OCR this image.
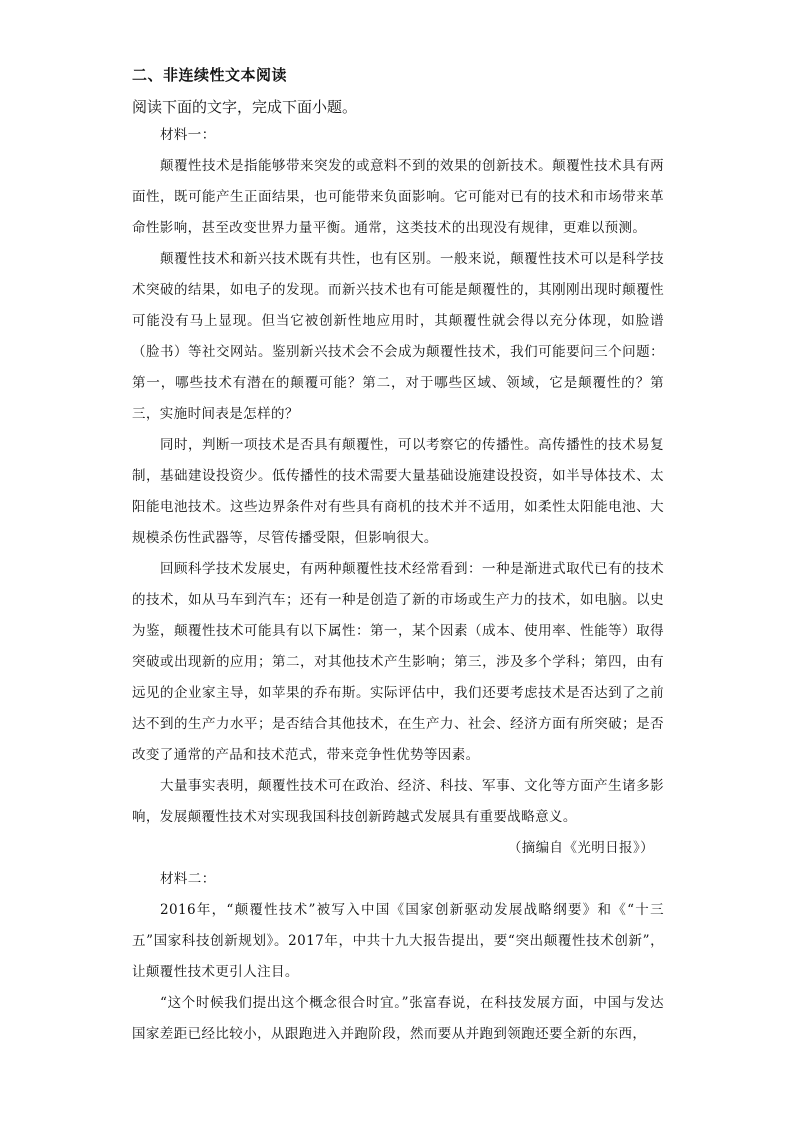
二、非连续性文本阅读
阅读下面的文字，完成下面小题。

材料一：

颠覆性技术是指能够带来突发的或意料不到的效果的创新技术。颠覆性技术具有两面性，既可能产生正面结果，也可能带来负面影响。它可能对已有的技术和市场带来革命性影响，甚至改变世界力量平衡。通常，这类技术的出现没有规律，更难以预测。

颠覆性技术和新兴技术既有共性，也有区别。一般来说，颠覆性技术可以是科学技术突破的结果，如电子的发现。而新兴技术也有可能是颠覆性的，其刚刚出现时颠覆性可能没有马上显现。但当它被创新性地应用时，其颠覆性就会得以充分体现，如脸谱（脸书）等社交网站。鉴别新兴技术会不会成为颠覆性技术，我们可能要问三个问题：第一，哪些技术有潜在的颠覆可能？第二，对于哪些区域、领域，它是颠覆性的？第三，实施时间表是怎样的？

同时，判断一项技术是否具有颠覆性，可以考察它的传播性。高传播性的技术易复制，基础建设投资少。低传播性的技术需要大量基础设施建设投资，如半导体技术、太阳能电池技术。这些边界条件对有些具有商机的技术并不适用，如柔性太阳能电池、大规模杀伤性武器等，尽管传播受限，但影响很大。

回顾科学技术发展史，有两种颠覆性技术经常看到：一种是渐进式取代已有的技术的技术，如从马车到汽车；还有一种是创造了新的市场或生产力的技术，如电脑。以史为鉴，颠覆性技术可能具有以下属性：第一，某个因素（成本、使用率、性能等）取得突破或出现新的应用；第二，对其他技术产生影响；第三，涉及多个学科；第四，由有远见的企业家主导，如苹果的乔布斯。实际评估中，我们还要考虑技术是否达到了之前达不到的生产力水平；是否结合其他技术，在生产力、社会、经济方面有所突破；是否改变了通常的产品和技术范式，带来竞争性优势等因素。

大量事实表明，颠覆性技术可在政治、经济、科技、军事、文化等方面产生诸多影响，发展颠覆性技术对实现我国科技创新跨越式发展具有重要战略意义。

（摘编自《光明日报》）

材料二：

2016年，“颠覆性技术”被写入中国《国家创新驱动发展战略纲要》和《“十三五”国家科技创新规划》。2017年，中共十九大报告提出，要“突出颠覆性技术创新”，让颠覆性技术更引人注目。

“这个时候我们提出这个概念很合时宜。”张富春说，在科技发展方面，中国与发达国家差距已经比较小，从跟跑进入并跑阶段，然而要从并跑到领跑还要全新的东西，
